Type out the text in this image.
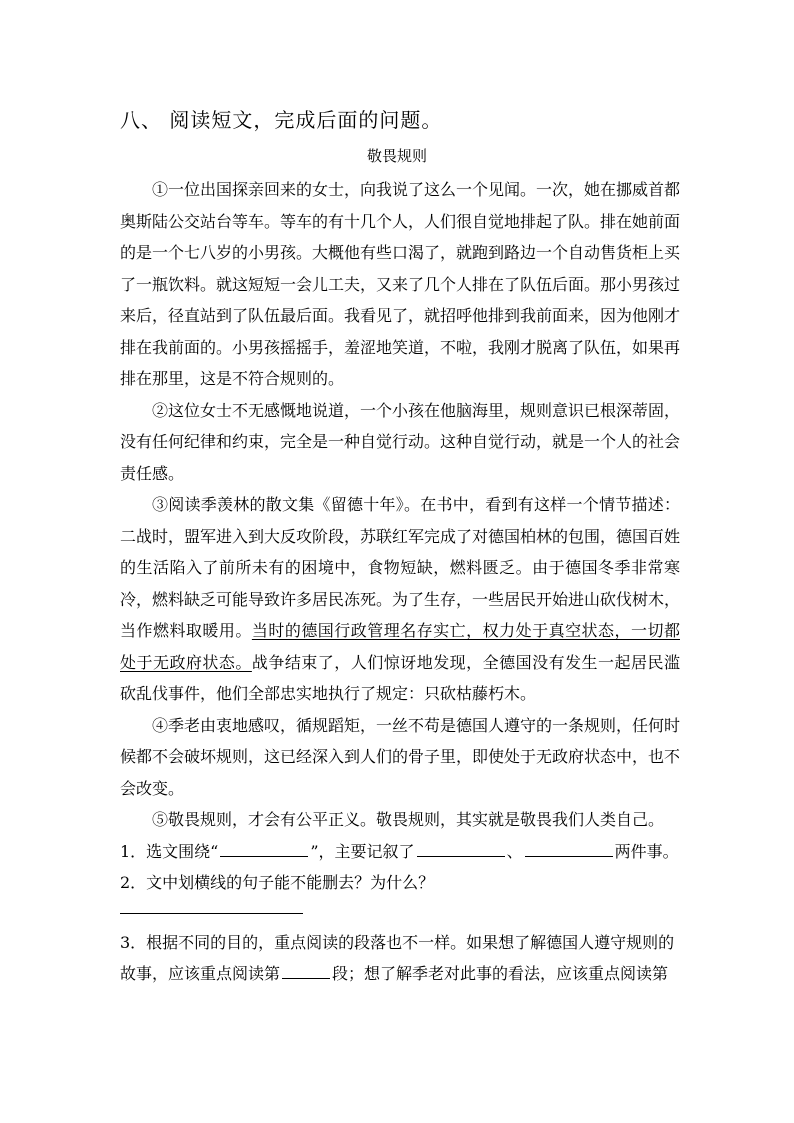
八、 阅读短文，完成后面的问题。
敬畏规则

①一位出国探亲回来的女士，向我说了这么一个见闻。一次，她在挪威首都奥斯陆公交站台等车。等车的有十几个人，人们很自觉地排起了队。排在她前面的是一个七八岁的小男孩。大概他有些口渴了，就跑到路边一个自动售货柜上买了一瓶饮料。就这短短一会儿工夫，又来了几个人排在了队伍后面。那小男孩过来后，径直站到了队伍最后面。我看见了，就招呼他排到我前面来，因为他刚才排在我前面的。小男孩摇摇手，羞涩地笑道，不啦，我刚才脱离了队伍，如果再排在那里，这是不符合规则的。

②这位女士不无感慨地说道，一个小孩在他脑海里，规则意识已根深蒂固，没有任何纪律和约束，完全是一种自觉行动。这种自觉行动，就是一个人的社会责任感。

③阅读季羡林的散文集《留德十年》。在书中，看到有这样一个情节描述：二战时，盟军进入到大反攻阶段，苏联红军完成了对德国柏林的包围，德国百姓的生活陷入了前所未有的困境中，食物短缺，燃料匮乏。由于德国冬季非常寒冷，燃料缺乏可能导致许多居民冻死。为了生存，一些居民开始进山砍伐树木，当作燃料取暖用。当时的德国行政管理名存实亡，权力处于真空状态，一切都处于无政府状态。战争结束了，人们惊讶地发现，全德国没有发生一起居民滥砍乱伐事件，他们全部忠实地执行了规定：只砍枯藤朽木。

④季老由衷地感叹，循规蹈矩，一丝不苟是德国人遵守的一条规则，任何时候都不会破坏规则，这已经深入到人们的骨子里，即使处于无政府状态中，也不会改变。

⑤敬畏规则，才会有公平正义。敬畏规则，其实就是敬畏我们人类自己。

1．选文围绕“	”，主要记叙了	、	两件事。

2．文中划横线的句子能不能删去？为什么？

3．根据不同的目的，重点阅读的段落也不一样。如果想了解德国人遵守规则的故事，应该重点阅读第	段；想了解季老对此事的看法，应该重点阅读第
